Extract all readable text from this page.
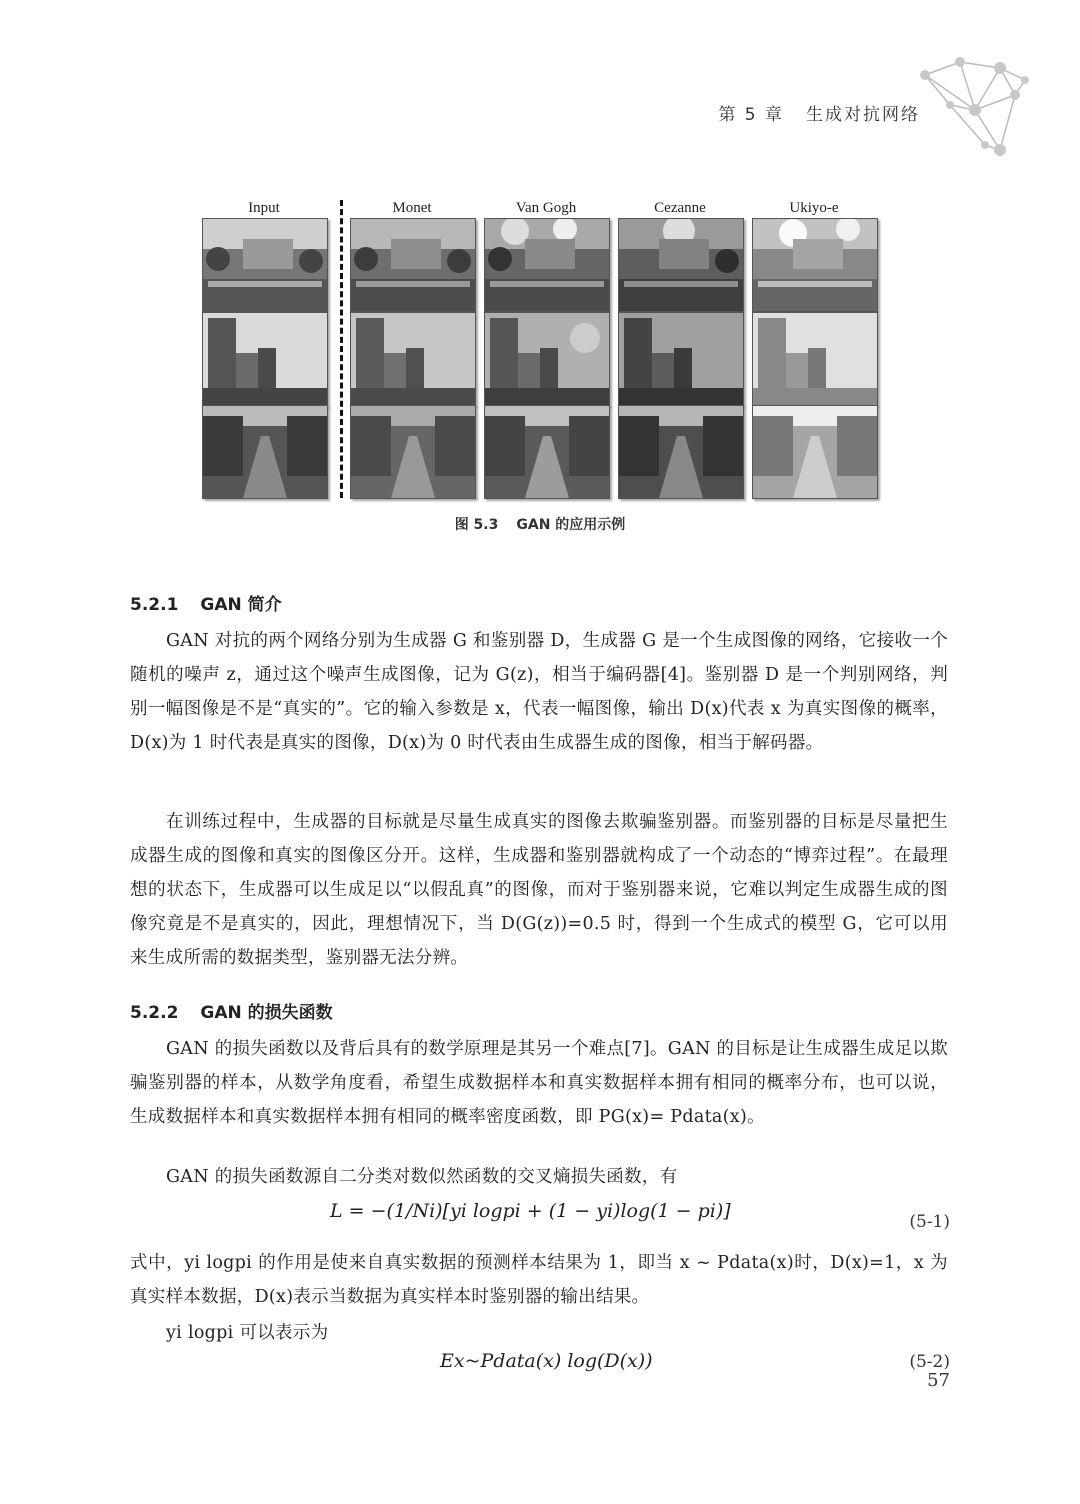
第 5 章 生成对抗网络
Input	Monet	Van Gogh	Cezanne	Ukiyo-e
图 5.3 GAN 的应用示例
5.2.1 GAN 简介
GAN 对抗的两个网络分别为生成器 G 和鉴别器 D，生成器 G 是一个生成图像的网络，它接收一个随机的噪声 z，通过这个噪声生成图像，记为 G(z)，相当于编码器[4]。鉴别器 D 是一个判别网络，判别一幅图像是不是“真实的”。它的输入参数是 x，代表一幅图像，输出 D(x)代表 x 为真实图像的概率，D(x)为 1 时代表是真实的图像，D(x)为 0 时代表由生成器生成的图像，相当于解码器。
在训练过程中，生成器的目标就是尽量生成真实的图像去欺骗鉴别器。而鉴别器的目标是尽量把生成器生成的图像和真实的图像区分开。这样，生成器和鉴别器就构成了一个动态的“博弈过程”。在最理想的状态下，生成器可以生成足以“以假乱真”的图像，而对于鉴别器来说，它难以判定生成器生成的图像究竟是不是真实的，因此，理想情况下，当 D(G(z))=0.5 时，得到一个生成式的模型 G，它可以用来生成所需的数据类型，鉴别器无法分辨。
5.2.2 GAN 的损失函数
GAN 的损失函数以及背后具有的数学原理是其另一个难点[7]。GAN 的目标是让生成器生成足以欺骗鉴别器的样本，从数学角度看，希望生成数据样本和真实数据样本拥有相同的概率分布，也可以说，生成数据样本和真实数据样本拥有相同的概率密度函数，即 PG(x)= Pdata(x)。
GAN 的损失函数源自二分类对数似然函数的交叉熵损失函数，有
L = −(1/Ni)[yi logpi + (1 − yi)log(1 − pi)]	(5-1)
式中，yi logpi 的作用是使来自真实数据的预测样本结果为 1，即当 x ~ Pdata(x)时，D(x)=1，x 为真实样本数据，D(x)表示当数据为真实样本时鉴别器的输出结果。
yi logpi 可以表示为
Ex~Pdata(x) log(D(x))	(5-2)
57
